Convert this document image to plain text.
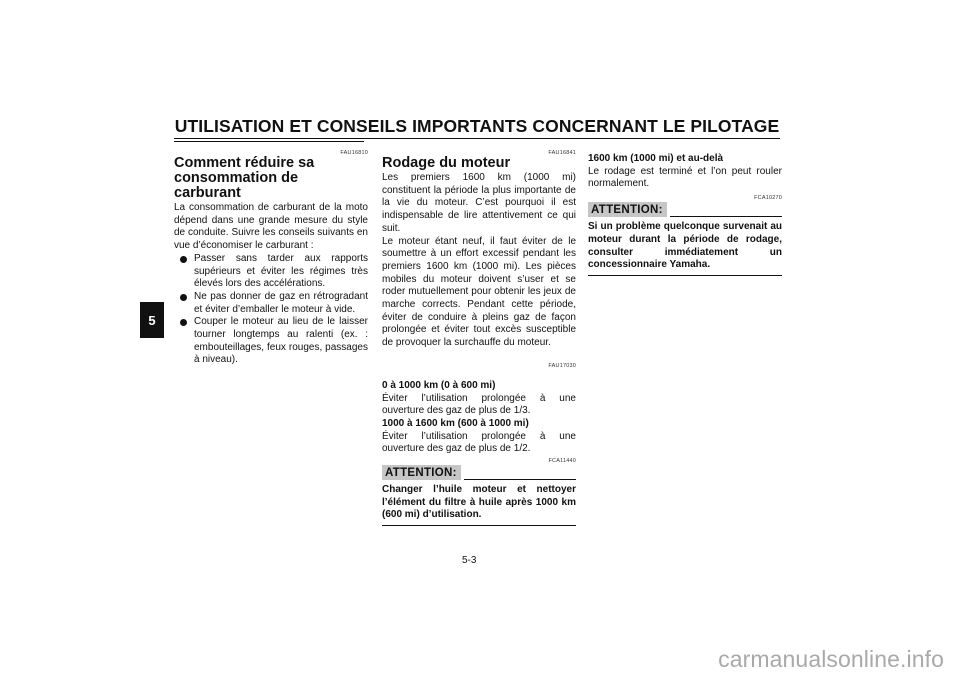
UTILISATION ET CONSEILS IMPORTANTS CONCERNANT LE PILOTAGE
5
FAU16810
Comment réduire sa
consommation de carburant

La consommation de carburant de la moto dépend dans une grande mesure du style de conduite. Suivre les conseils suivants en vue d’économiser le carburant :

Passer sans tarder aux rapports supérieurs et éviter les régimes très élevés lors des accélérations.
Ne pas donner de gaz en rétrogradant et éviter d’emballer le moteur à vide.
Couper le moteur au lieu de le laisser tourner longtemps au ralenti (ex. : embouteillages, feux rouges, passages à niveau).
FAU16841
Rodage du moteur

Les premiers 1600 km (1000 mi) constituent la période la plus importante de la vie du moteur. C’est pourquoi il est indispensable de lire attentivement ce qui suit.

Le moteur étant neuf, il faut éviter de le soumettre à un effort excessif pendant les premiers 1600 km (1000 mi). Les pièces mobiles du moteur doivent s’user et se roder mutuellement pour obtenir les jeux de marche corrects. Pendant cette période, éviter de conduire à pleins gaz de façon prolongée et éviter tout excès susceptible de provoquer la surchauffe du moteur.

FAU17030

0 à 1000 km (0 à 600 mi)

Éviter l’utilisation prolongée à une ouverture des gaz de plus de 1/3.

1000 à 1600 km (600 à 1000 mi)

Éviter l’utilisation prolongée à une ouverture des gaz de plus de 1/2.

FCA11440
ATTENTION:

Changer l’huile moteur et nettoyer l’élément du filtre à huile après 1000 km (600 mi) d’utilisation.

1600 km (1000 mi) et au-delà

Le rodage est terminé et l’on peut rouler normalement.

FCA10270
ATTENTION:

Si un problème quelconque survenait au moteur durant la période de rodage, consulter immédiatement un concessionnaire Yamaha.

5-3
carmanualsonline.info
